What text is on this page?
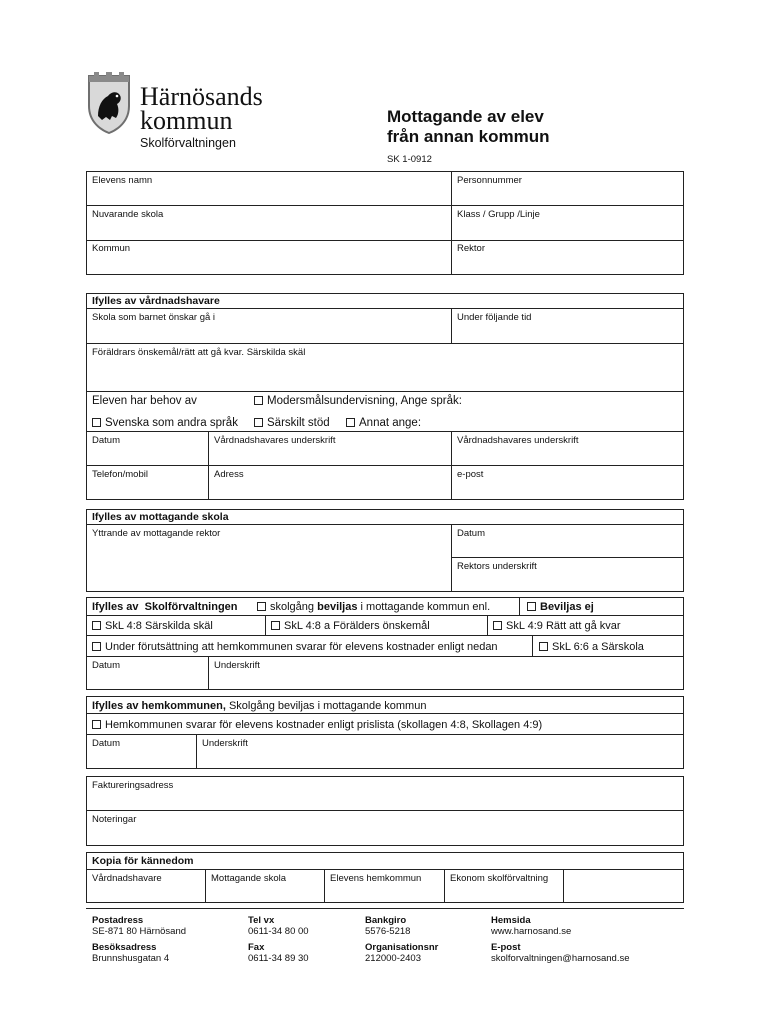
Härnösands
kommun
Skolförvaltningen
Mottagande av elev
från annan kommun
SK 1-0912
Elevens namn	Personnummer
Nuvarande skola	Klass / Grupp /Linje
Kommun	Rektor
Ifylles av vårdnadshavare
Skola som barnet önskar gå i	Under följande tid
Föräldrars önskemål/rätt att gå kvar. Särskilda skäl
Eleven har behov av	Modersmålsundervisning, Ange språk:
Svenska som andra språk	Särskilt stöd	Annat ange:
Datum	Vårdnadshavares underskrift	Vårdnadshavares underskrift
Telefon/mobil	Adress	e-post
Ifylles av mottagande skola
Yttrande av mottagande rektor	Datum
Rektors underskrift
Ifylles av Skolförvaltningen	skolgång beviljas i mottagande kommun enl.	Beviljas ej
SkL 4:8 Särskilda skäl	SkL 4:8 a Förälders önskemål	SkL 4:9 Rätt att gå kvar
Under förutsättning att hemkommunen svarar för elevens kostnader enligt nedan	SkL 6:6 a Särskola
Datum	Underskrift
Ifylles av hemkommunen, Skolgång beviljas i mottagande kommun
Hemkommunen svarar för elevens kostnader enligt prislista (skollagen 4:8, Skollagen 4:9)
Datum	Underskrift
Faktureringsadress
Noteringar
Kopia för kännedom
Vårdnadshavare	Mottagande skola	Elevens hemkommun	Ekonom skolförvaltning
Postadress
SE-871 80 Härnösand
Besöksadress
Brunnshusgatan 4
Tel vx
0611-34 80 00
Fax
0611-34 89 30
Bankgiro
5576-5218
Organisationsnr
212000-2403
Hemsida
www.harnosand.se
E-post
skolforvaltningen@harnosand.se
